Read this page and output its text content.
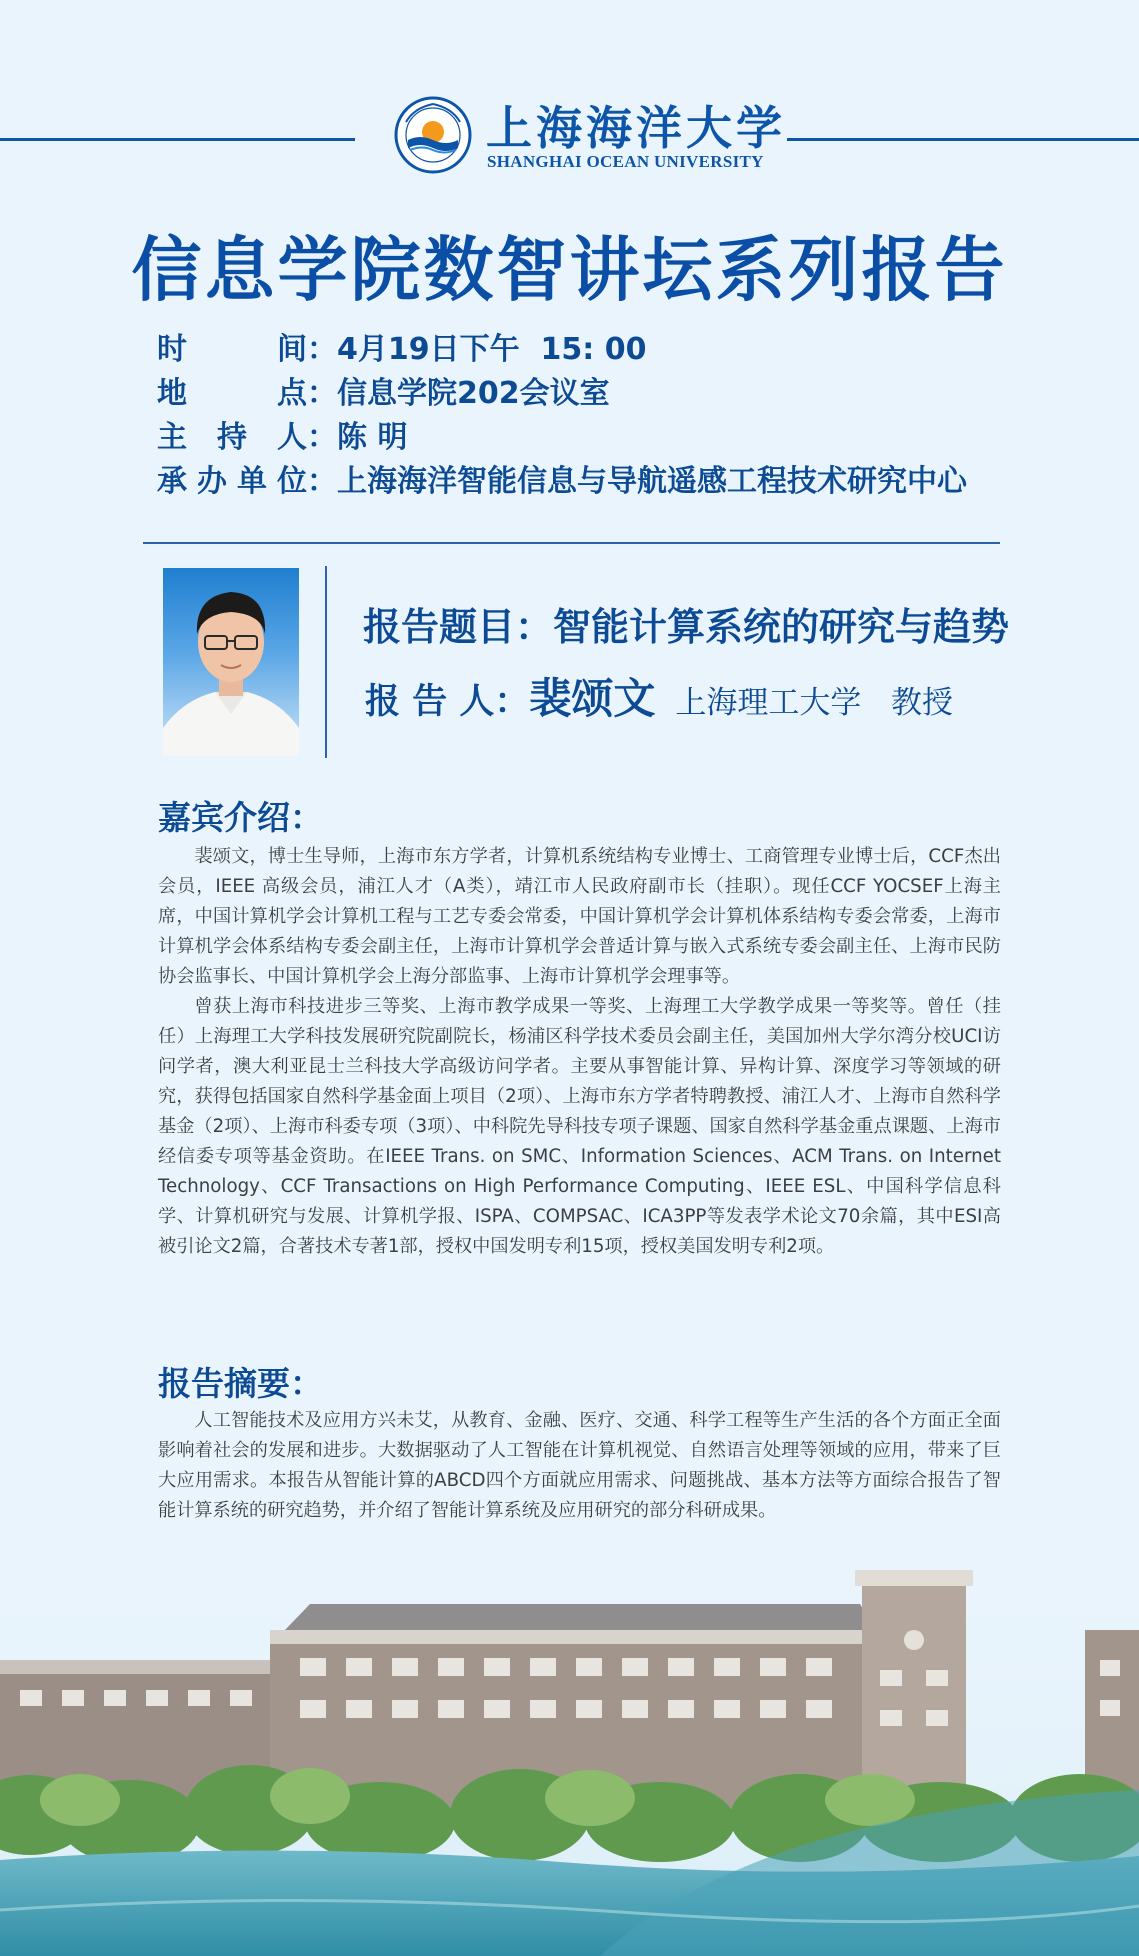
上海海洋大学
SHANGHAI OCEAN UNIVERSITY
信息学院数智讲坛系列报告
时	间 ： 4月19日下午  15: 00
地	点 ： 信息学院202会议室
主 持 人 ： 陈 明
承 办 单 位 ： 上海海洋智能信息与导航遥感工程技术研究中心
报告题目：智能计算系统的研究与趋势
报 告 人： 裴颂文 上海理工大学   教授
嘉宾介绍：

裴颂文，博士生导师，上海市东方学者，计算机系统结构专业博士、工商管理专业博士后，CCF杰出会员，IEEE 高级会员，浦江人才（A类），靖江市人民政府副市长（挂职）。现任CCF YOCSEF上海主席，中国计算机学会计算机工程与工艺专委会常委，中国计算机学会计算机体系结构专委会常委，上海市计算机学会体系结构专委会副主任，上海市计算机学会普适计算与嵌入式系统专委会副主任、上海市民防协会监事长、中国计算机学会上海分部监事、上海市计算机学会理事等。

曾获上海市科技进步三等奖、上海市教学成果一等奖、上海理工大学教学成果一等奖等。曾任（挂任）上海理工大学科技发展研究院副院长，杨浦区科学技术委员会副主任，美国加州大学尔湾分校UCI访问学者，澳大利亚昆士兰科技大学高级访问学者。主要从事智能计算、异构计算、深度学习等领域的研究，获得包括国家自然科学基金面上项目（2项）、上海市东方学者特聘教授、浦江人才、上海市自然科学基金（2项）、上海市科委专项（3项）、中科院先导科技专项子课题、国家自然科学基金重点课题、上海市经信委专项等基金资助。在IEEE Trans. on SMC、Information Sciences、ACM Trans. on Internet Technology、CCF Transactions on High Performance Computing、IEEE ESL、中国科学信息科学、计算机研究与发展、计算机学报、ISPA、COMPSAC、ICA3PP等发表学术论文70余篇，其中ESI高被引论文2篇，合著技术专著1部，授权中国发明专利15项，授权美国发明专利2项。

报告摘要：

人工智能技术及应用方兴未艾，从教育、金融、医疗、交通、科学工程等生产生活的各个方面正全面影响着社会的发展和进步。大数据驱动了人工智能在计算机视觉、自然语言处理等领域的应用，带来了巨大应用需求。本报告从智能计算的ABCD四个方面就应用需求、问题挑战、基本方法等方面综合报告了智能计算系统的研究趋势，并介绍了智能计算系统及应用研究的部分科研成果。
